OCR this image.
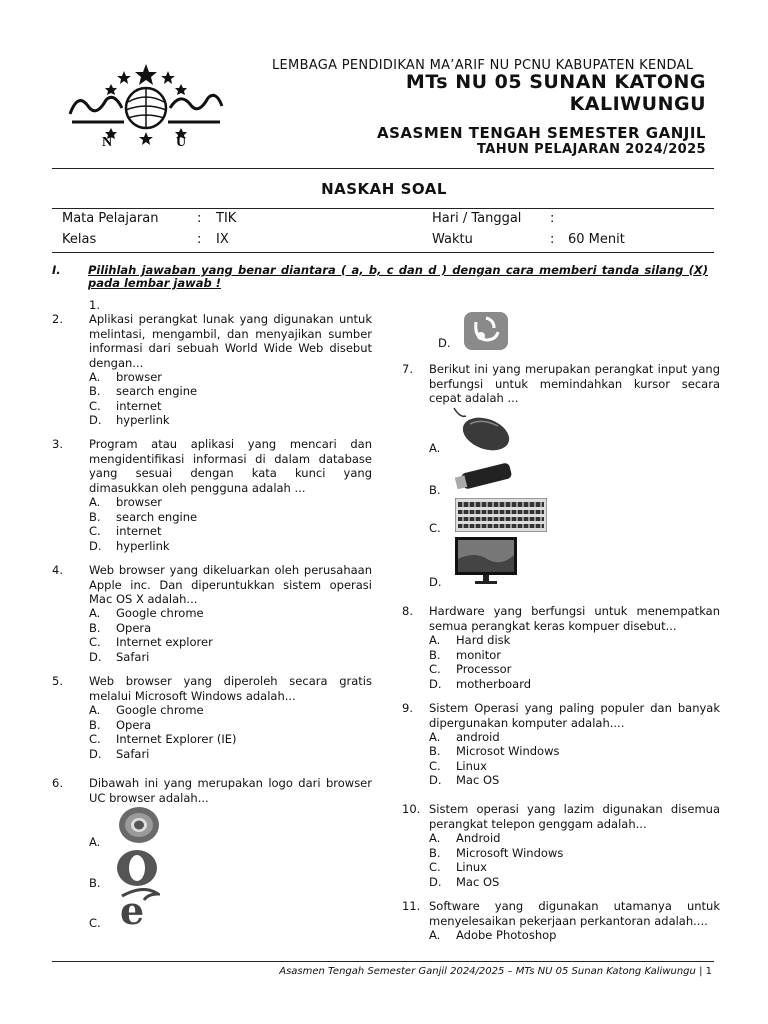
N	U
LEMBAGA PENDIDIKAN MA’ARIF NU PCNU KABUPATEN KENDAL
MTs NU 05 SUNAN KATONG
KALIWUNGU
ASASMEN TENGAH SEMESTER GANJIL
TAHUN PELAJARAN 2024/2025
NASKAH SOAL
Mata Pelajaran	: TIK	Hari / Tanggal :
Kelas	: IX	Waktu	: 60 Menit
I. Pilihlah jawaban yang benar diantara ( a, b, c dan d ) dengan cara memberi tanda silang (X) pada lembar jawab !
1.
2. Aplikasi perangkat lunak yang digunakan untuk melintasi, mengambil, dan menyajikan sumber informasi dari sebuah World Wide Web disebut dengan...
A. browser
B. search engine
C. internet
D. hyperlink
3. Program atau aplikasi yang mencari dan mengidentifikasi informasi di dalam database yang sesuai dengan kata kunci yang dimasukkan oleh pengguna adalah ...
A. browser
B. search engine
C. internet
D. hyperlink
4. Web browser yang dikeluarkan oleh perusahaan Apple inc. Dan diperuntukkan sistem operasi Mac OS X adalah...
A. Google chrome
B. Opera
C. Internet explorer
D. Safari
5. Web browser yang diperoleh secara gratis melalui Microsoft Windows adalah...
A. Google chrome
B. Opera
C. Internet Explorer (IE)
D. Safari
6. Dibawah ini yang merupakan logo dari browser UC browser adalah...
A.
B.
C. e
D.
7. Berikut ini yang merupakan perangkat input yang berfungsi untuk memindahkan kursor secara cepat adalah ...
A.
B.
C.
D.
8. Hardware yang berfungsi untuk menempatkan semua perangkat keras kompuer disebut...
A. Hard disk
B. monitor
C. Processor
D. motherboard
9. Sistem Operasi yang paling populer dan banyak dipergunakan komputer adalah....
A. android
B. Microsot Windows
C. Linux
D. Mac OS
10. Sistem operasi yang lazim digunakan disemua perangkat telepon genggam adalah...
A. Android
B. Microsoft Windows
C. Linux
D. Mac OS
11. Software yang digunakan utamanya untuk menyelesaikan pekerjaan perkantoran adalah....
A. Adobe Photoshop
Asasmen Tengah Semester Ganjil 2024/2025 – MTs NU 05 Sunan Katong Kaliwungu | 1
